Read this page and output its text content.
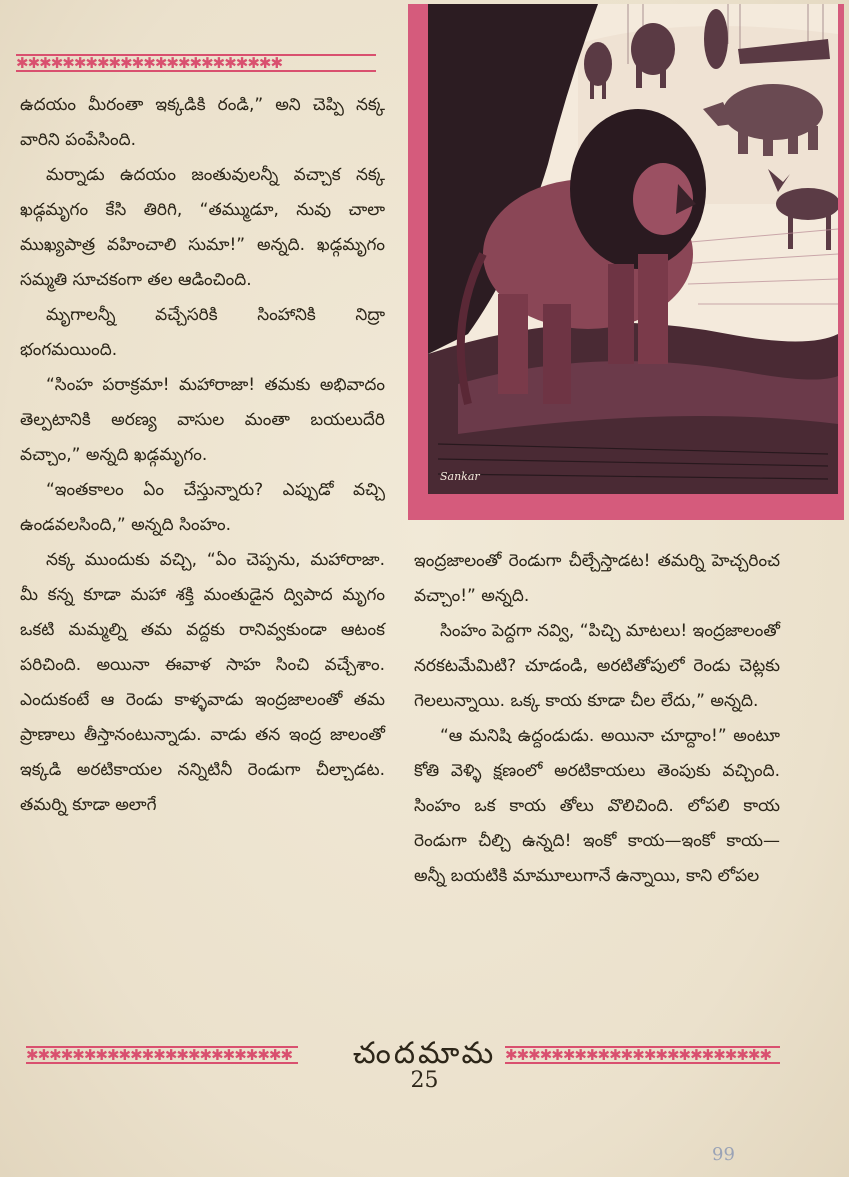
✱✱✱✱✱✱✱✱✱✱✱✱✱✱✱✱✱✱✱✱✱✱✱

ఉదయం మీరంతా ఇక్కడికి రండి,” అని చెప్పి నక్క వారిని పంపేసింది.

మర్నాడు ఉదయం జంతువులన్నీ వచ్చాక నక్క ఖడ్గమృగం కేసి తిరిగి, “తమ్ముడూ, నువు చాలా ముఖ్యపాత్ర వహించాలి సుమా!” అన్నది. ఖడ్గమృగం సమ్మతి సూచకంగా తల ఆడించింది.

మృగాలన్నీ వచ్చేసరికి సింహానికి నిద్రా భంగమయింది.

“సింహ పరాక్రమా! మహారాజా! తమకు అభివాదం తెల్పటానికి అరణ్య వాసుల మంతా బయలుదేరి వచ్చాం,” అన్నది ఖడ్గమృగం.

“ఇంతకాలం ఏం చేస్తున్నారు? ఎప్పుడో వచ్చి ఉండవలసింది,” అన్నది సింహం.

నక్క ముందుకు వచ్చి, “ఏం చెప్పను, మహారాజా. మీ కన్న కూడా మహా శక్తి మంతుడైన ద్విపాద మృగం ఒకటి మమ్మల్ని తమ వద్దకు రానివ్వకుండా ఆటంక పరిచింది. అయినా ఈవాళ సాహ సించి వచ్చేశాం. ఎందుకంటే ఆ రెండు కాళ్ళవాడు ఇంద్రజాలంతో తమ ప్రాణాలు తీస్తానంటున్నాడు. వాడు తన ఇంద్ర జాలంతో ఇక్కడి అరటికాయల నన్నిటినీ రెండుగా చీల్చాడట. తమర్ని కూడా అలాగే

Sankar

ఇంద్రజాలంతో రెండుగా చీల్చేస్తాడట! తమర్ని హెచ్చరించ వచ్చాం!” అన్నది.

సింహం పెద్దగా నవ్వి, “పిచ్చి మాటలు! ఇంద్రజాలంతో నరకటమేమిటి? చూడండి, అరటితోపులో రెండు చెట్లకు గెలలున్నాయి. ఒక్క కాయ కూడా చీల లేదు,” అన్నది.

“ఆ మనిషి ఉద్దండుడు. అయినా చూద్దాం!” అంటూ కోతి వెళ్ళి క్షణంలో అరటికాయలు తెంపుకు వచ్చింది. సింహం ఒక కాయ తోలు వొలిచింది. లోపలి కాయ రెండుగా చీల్చి ఉన్నది! ఇంకో కాయ—ఇంకో కాయ—అన్నీ బయటికి మామూలుగానే ఉన్నాయి, కాని లోపల

✱✱✱✱✱✱✱✱✱✱✱✱✱✱✱✱✱✱✱✱✱✱✱	✱✱✱✱✱✱✱✱✱✱✱✱✱✱✱✱✱✱✱✱✱✱✱
చందమామ
25
99
